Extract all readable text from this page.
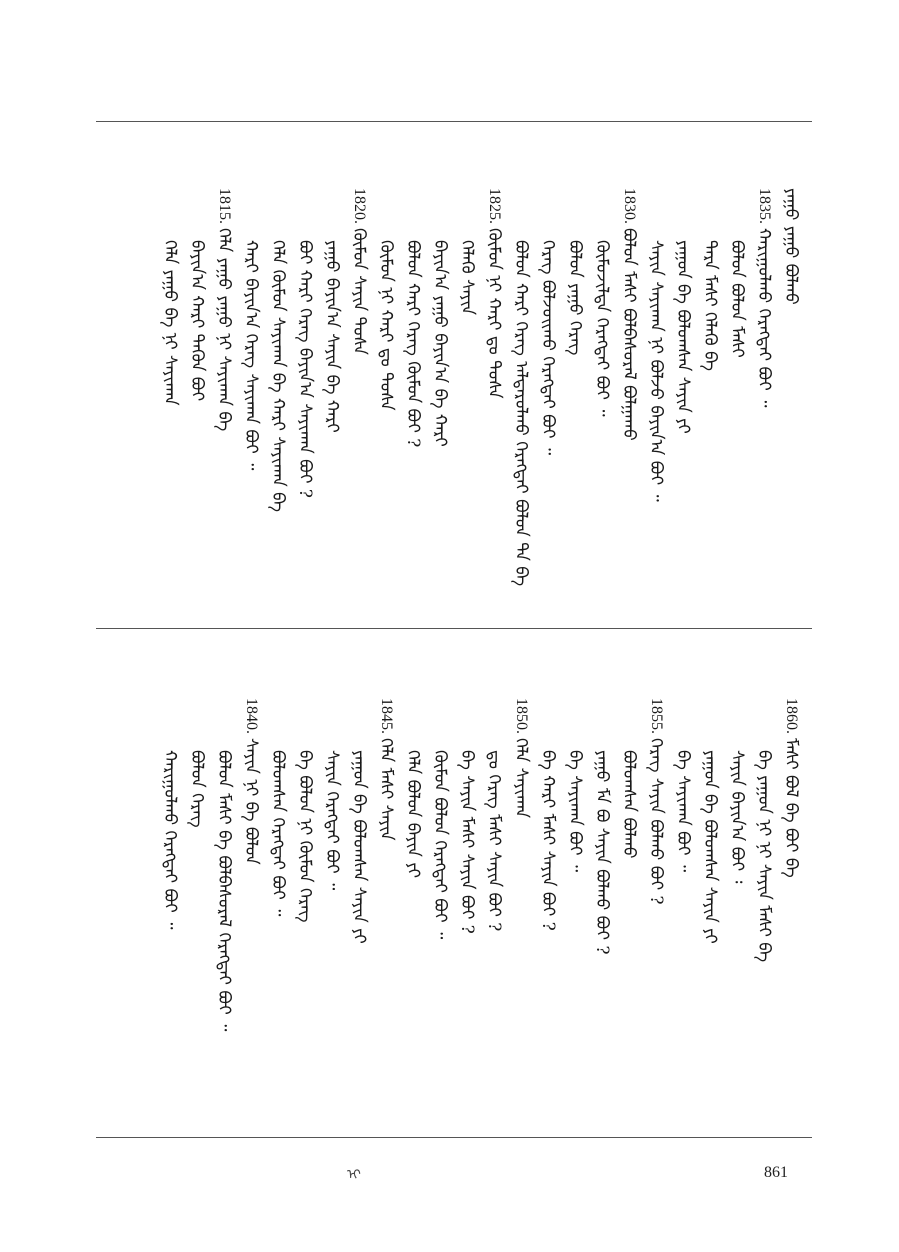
ᠶᠠᠭᠤ ᠶᠠᠭᠤ ᠪᠣᠯᠬᠤ
1835.ᠬᠠᠷᠢᠭᠤᠯᠬᠤ ᠬᠡᠷᠡᠭᠲᠡᠢ ᠪᠤᠢ ᠃
ᠪᠣᠯᠤᠨ ᠪᠣᠯᠤᠨ ᠮᠠᠰᠢ
ᠲᠡᠷᠡ ᠮᠠᠰᠢ ᠬᠡᠯᠡᠬᠦ ᠪᠡ
ᠶᠠᠭᠤᠨ ᠪᠡ ᠪᠣᠯᠤᠭᠰᠠᠨ ᠰᠠᠶᠢᠨ ᠶᠢ
ᠰᠠᠶᠢᠨ ᠰᠠᠶᠢᠬᠠᠨ ᠨᠢ ᠪᠣᠯᠵᠤ ᠪᠠᠶᠢᠨ᠎ᠠ ᠪᠤᠢ ᠃
1830.ᠪᠣᠯᠤᠨ ᠮᠠᠰᠢ ᠪᠣᠯᠪᠠᠰᠤᠷᠠᠯ ᠪᠣᠯᠭᠠᠬᠤ
ᠬᠦᠮᠦᠵᠢᠯᠲᠡ ᠬᠡᠷᠡᠭᠲᠡᠢ ᠪᠤᠢ ᠃
ᠪᠣᠯᠤᠨ ᠶᠠᠭᠤ ᠬᠡᠷᠡᠭ
ᠬᠡᠷᠡᠭ ᠪᠣᠯᠵᠤᠢᠬᠤ ᠬᠡᠷᠡᠭᠲᠡᠢ ᠪᠤᠢ ᠃
ᠪᠣᠯᠤᠨ ᠬᠠᠷᠢ ᠬᠡᠷᠡᠭ ᠠᠯᠳᠠᠷᠤᠯᠬᠤ ᠬᠡᠷᠡᠭᠲᠡᠢ ᠪᠣᠯᠤᠨ ᠲᠡ ᠪᠡ
1825.ᠬᠦᠮᠦᠨ ᠨᠢ ᠬᠠᠷᠢ ᠳᠤ ᠲᠤᠰᠠ
ᠬᠡᠯᠡᠬᠦ ᠰᠠᠶᠢᠨ
ᠪᠠᠶᠢᠨ᠎ᠠ ᠶᠠᠭᠤ ᠪᠠᠶᠢᠨ᠎ᠠ ᠪᠡ ᠬᠠᠷᠢ
ᠪᠣᠯᠤᠨ ᠬᠠᠷᠢ ᠬᠡᠷᠡᠭ ᠬᠦᠮᠦᠨ ᠪᠤᠢ ?
ᠬᠦᠮᠦᠨ ᠨᠢ ᠬᠠᠷᠢ ᠳᠤ ᠲᠤᠰᠠ
1820.ᠬᠦᠮᠦᠨ ᠰᠠᠶᠢᠨ ᠲᠤᠰᠠ
ᠶᠠᠭᠤ ᠪᠠᠶᠢᠨ᠎ᠠ ᠰᠠᠶᠢᠨ ᠪᠡ ᠬᠠᠷᠢ
ᠪᠤᠢ ᠬᠠᠷᠢ ᠬᠡᠷᠡᠭ ᠪᠠᠶᠢᠨ᠎ᠠ ᠰᠠᠶᠢᠬᠠᠨ ᠪᠤᠢ ?
ᠬᠡᠯᠡ ᠬᠦᠮᠦᠨ ᠰᠠᠶᠢᠬᠠᠨ ᠪᠡ ᠬᠠᠷᠢ ᠰᠠᠶᠢᠬᠠᠨ ᠪᠡ
ᠬᠠᠷᠢ ᠪᠠᠶᠢᠨ᠎ᠠ ᠬᠡᠷᠡᠭ ᠰᠠᠶᠢᠬᠠᠨ ᠪᠤᠢ ᠃
1815.ᠬᠡᠯᠡ ᠶᠠᠭᠤ ᠶᠠᠭᠤ ᠨᠢ ᠰᠠᠶᠢᠬᠠᠨ ᠪᠡ
ᠪᠠᠶᠢᠨ᠎ᠠ ᠬᠠᠷᠢ ᠲᠡᠭᠦᠨ ᠪᠤᠢ
ᠬᠡᠯᠡ ᠶᠠᠭᠤ ᠪᠡ ᠨᠢ ᠰᠠᠶᠢᠬᠠᠨ
1860.ᠮᠠᠰᠢ ᠪᠣᠯ ᠪᠡ ᠪᠤᠢ ᠪᠡ
ᠪᠠ ᠶᠠᠭᠤᠨ ᠨᠢ ᠨᠢ ᠰᠠᠶᠢᠨ ᠮᠠᠰᠢ ᠪᠡ
ᠰᠠᠶᠢᠨ ᠪᠠᠶᠢᠨ᠎ᠠ ᠪᠤᠢ ᠄
ᠶᠠᠭᠤᠨ ᠪᠡ ᠪᠣᠯᠤᠭᠰᠠᠨ ᠰᠠᠶᠢᠨ ᠶᠢ
ᠪᠡ ᠰᠠᠶᠢᠬᠠᠨ ᠪᠤᠢ ᠃
1855.ᠬᠡᠷᠡᠭ ᠰᠠᠶᠢᠨ ᠪᠣᠯᠬᠤ ᠪᠤᠢ ?
ᠪᠣᠯᠤᠭᠰᠠᠨ ᠪᠣᠯᠬᠤ
ᠶᠠᠭᠤ ᠮᠠ ᠪᠤ ᠰᠠᠶᠢᠨ ᠪᠣᠯᠬᠤ ᠪᠤᠢ ?
ᠪᠡ ᠰᠠᠶᠢᠬᠠᠨ ᠪᠤᠢ ᠃
ᠪᠠ ᠬᠠᠷᠢ ᠮᠠᠰᠢ ᠰᠠᠶᠢᠨ ᠪᠤᠢ ?
1850.ᠬᠡᠯᠡ ᠰᠠᠶᠢᠬᠠᠨ
ᠳᠤ ᠬᠡᠷᠡᠭ ᠮᠠᠰᠢ ᠰᠠᠶᠢᠨ ᠪᠤᠢ ?
ᠪᠡ ᠰᠠᠶᠢᠨ ᠮᠠᠰᠢ ᠰᠠᠶᠢᠨ ᠪᠤᠢ ?
ᠬᠦᠮᠦᠨ ᠪᠣᠯᠤᠨ ᠬᠡᠷᠡᠭᠲᠡᠢ ᠪᠤᠢ ᠃
ᠬᠡᠯᠡ ᠪᠣᠯᠤᠨ ᠪᠠᠶᠢᠨ ᠶᠢ
1845.ᠬᠡᠯᠡ ᠮᠠᠰᠢ ᠰᠠᠶᠢᠨ
ᠶᠠᠭᠤᠨ ᠪᠡ ᠪᠣᠯᠤᠭᠰᠠᠨ ᠰᠠᠶᠢᠨ ᠶᠢ
ᠰᠠᠶᠢᠨ ᠬᠡᠷᠡᠭᠲᠡᠢ ᠪᠤᠢ ᠃
ᠪᠠ ᠪᠣᠯᠤᠨ ᠨᠢ ᠬᠦᠮᠦᠨ ᠬᠡᠷᠡᠭ
ᠪᠣᠯᠤᠭᠰᠠᠨ ᠬᠡᠷᠡᠭᠲᠡᠢ ᠪᠤᠢ ᠃
1840.ᠰᠠᠶᠢᠨ ᠨᠢ ᠪᠡ ᠪᠣᠯᠤᠨ
ᠪᠣᠯᠤᠨ ᠮᠠᠰᠢ ᠪᠡ ᠪᠣᠯᠪᠠᠰᠤᠷᠠᠯ ᠬᠡᠷᠡᠭᠲᠡᠢ ᠪᠤᠢ ᠃
ᠪᠣᠯᠤᠨ ᠬᠡᠷᠡᠭ
ᠬᠠᠷᠢᠭᠤᠯᠬᠤ ᠬᠡᠷᠡᠭᠲᠡᠢ ᠪᠤᠢ ᠃
ᠢ	861
